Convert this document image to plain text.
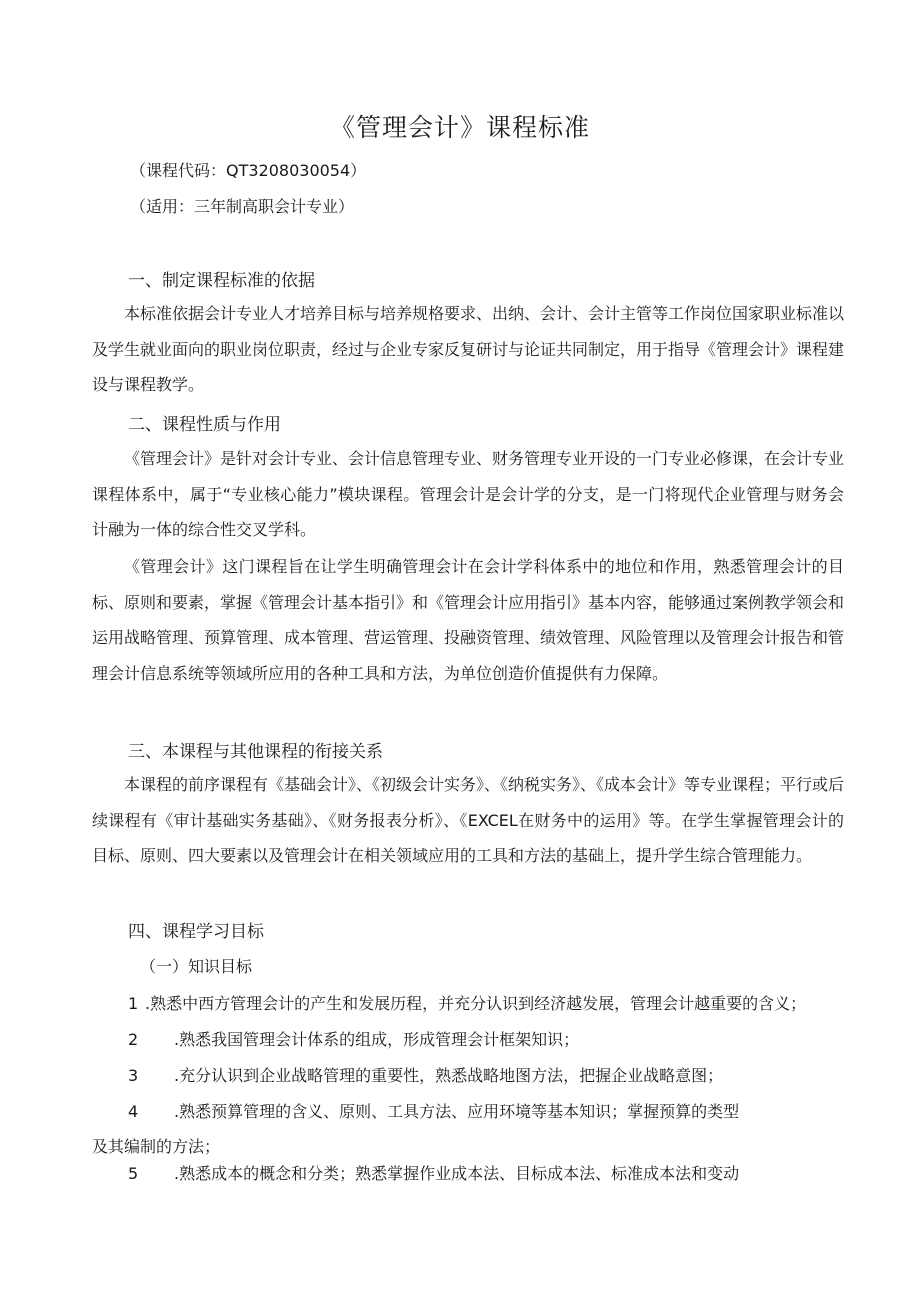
《管理会计》课程标准
（课程代码：QT3208030054）
（适用：三年制高职会计专业）
一、制定课程标准的依据
本标准依据会计专业人才培养目标与培养规格要求、出纳、会计、会计主管等工作岗位国家职业标准以及学生就业面向的职业岗位职责，经过与企业专家反复研讨与论证共同制定，用于指导《管理会计》课程建设与课程教学。
二、课程性质与作用
《管理会计》是针对会计专业、会计信息管理专业、财务管理专业开设的一门专业必修课，在会计专业课程体系中，属于“专业核心能力”模块课程。管理会计是会计学的分支，是一门将现代企业管理与财务会计融为一体的综合性交叉学科。
《管理会计》这门课程旨在让学生明确管理会计在会计学科体系中的地位和作用，熟悉管理会计的目标、原则和要素，掌握《管理会计基本指引》和《管理会计应用指引》基本内容，能够通过案例教学领会和运用战略管理、预算管理、成本管理、营运管理、投融资管理、绩效管理、风险管理以及管理会计报告和管理会计信息系统等领域所应用的各种工具和方法，为单位创造价值提供有力保障。
三、本课程与其他课程的衔接关系
本课程的前序课程有《基础会计》、《初级会计实务》、《纳税实务》、《成本会计》等专业课程；平行或后续课程有《审计基础实务基础》、《财务报表分析》、《EXCEL在财务中的运用》等。在学生掌握管理会计的目标、原则、四大要素以及管理会计在相关领域应用的工具和方法的基础上，提升学生综合管理能力。
四、课程学习目标
（一）知识目标
1 .熟悉中西方管理会计的产生和发展历程，并充分认识到经济越发展，管理会计越重要的含义；
2 .熟悉我国管理会计体系的组成，形成管理会计框架知识；
3 .充分认识到企业战略管理的重要性，熟悉战略地图方法，把握企业战略意图；
4 .熟悉预算管理的含义、原则、工具方法、应用环境等基本知识；掌握预算的类型
及其编制的方法；
5 .熟悉成本的概念和分类；熟悉掌握作业成本法、目标成本法、标准成本法和变动
